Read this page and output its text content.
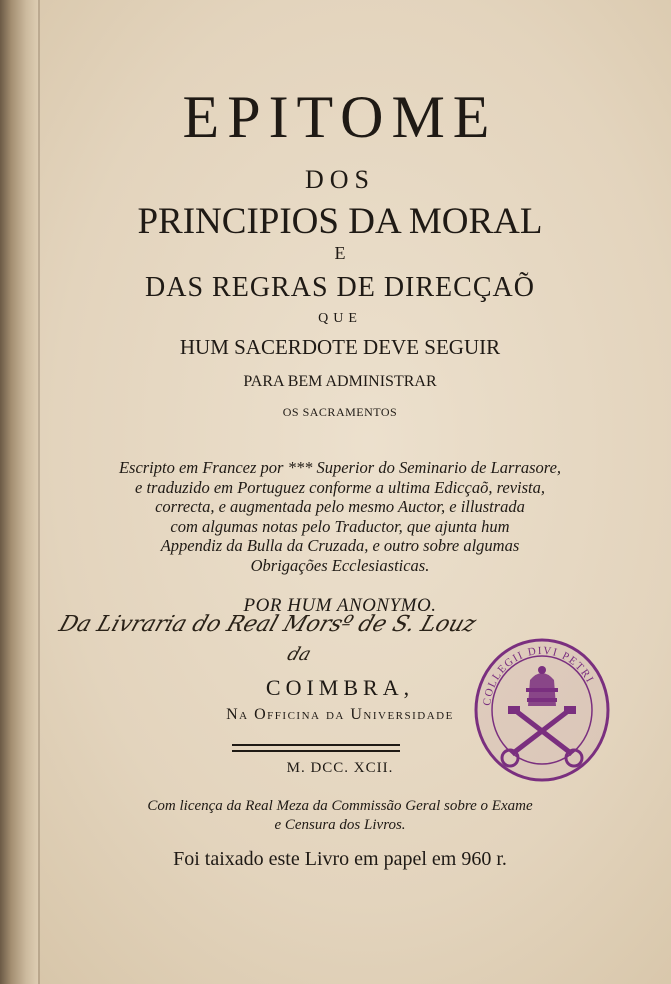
EPITOME
DOS
PRINCIPIOS DA MORAL
E
DAS REGRAS DE DIRECÇAÕ
QUE
HUM SACERDOTE DEVE SEGUIR
PARA BEM ADMINISTRAR
OS SACRAMENTOS
Escripto em Francez por *** Superior do Seminario de Larrasore,
e traduzido em Portuguez conforme a ultima Edicçaõ, revista,
correcta, e augmentada pelo mesmo Auctor, e illustrada
com algumas notas pelo Traductor, que ajunta hum
Appendiz da Bulla da Cruzada, e outro sobre algumas
Obrigações Ecclesiasticas.
POR HUM ANONYMO.
Da Livraria do Real Morsº de S. Louz
da
COIMBRA,
Na Officina da Universidade
M. DCC. XCII.
Com licença da Real Meza da Commissão Geral sobre o Exame
e Censura dos Livros.
Foi taixado este Livro em papel em 960 r.
COLLEGII DIVI PETRI
